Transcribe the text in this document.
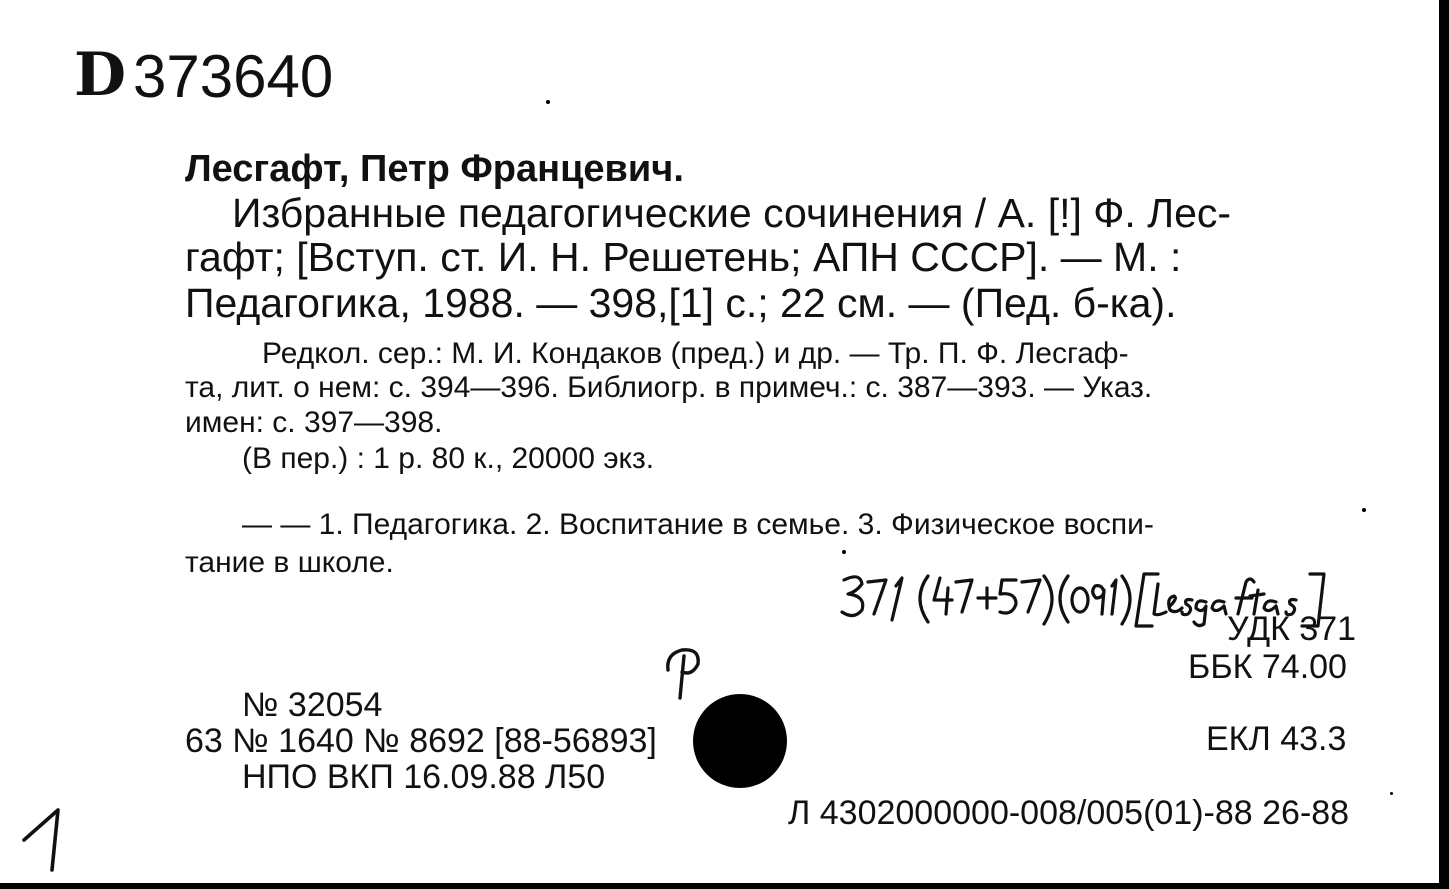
D 373640
Лесгафт, Петр Францевич.
Избранные педагогические сочинения / А. [!] Ф. Лес-
гафт; [Вступ. ст. И. Н. Решетень; АПН СССР]. — М. :
Педагогика, 1988. — 398,[1] с.; 22 см. — (Пед. б-ка).
Редкол. сер.: М. И. Кондаков (пред.) и др. — Тр. П. Ф. Лесгаф-
та, лит. о нем: с. 394—396. Библиогр. в примеч.: с. 387—393. — Указ.
имен: с. 397—398.
(В пер.) : 1 р. 80 к., 20000 экз.
— — 1. Педагогика. 2. Воспитание в семье. 3. Физическое воспи-
тание в школе.
УДК 371
ББК 74.00
ЕКЛ 43.3
№ 32054
63 № 1640 № 8692 [88-56893]
НПО ВКП 16.09.88 Л50
Л 4302000000-008/005(01)-88 26-88
